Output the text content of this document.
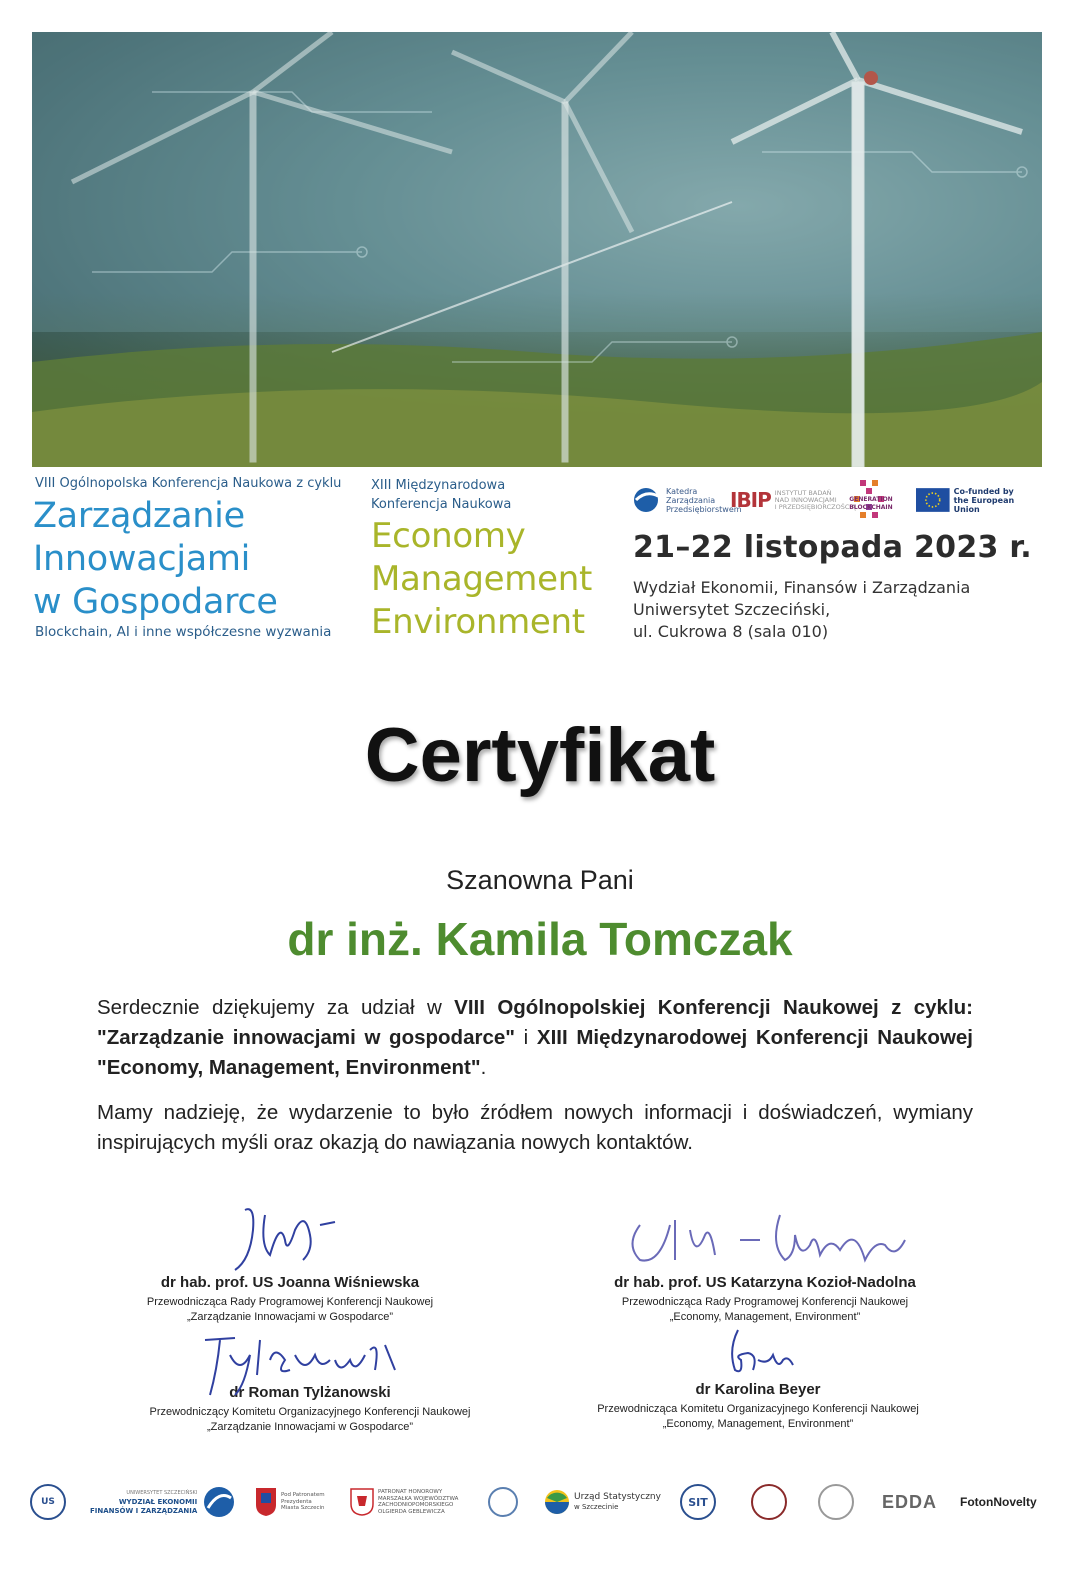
VIII Ogólnopolska Konferencja Naukowa z cyklu
Zarządzanie
Innowacjami
w Gospodarce
Blockchain, AI i inne współczesne wyzwania
XIII Międzynarodowa
Konferencja Naukowa
Economy
Management
Environment
Katedra
Zarządzania
Przedsiębiorstwem
IBIP INSTYTUT BADAŃ
NAD INNOWACJAMI
I PRZEDSIĘBIORCZOŚCIĄ
GENERATION
BLOCKCHAIN
Co-funded by
the European Union
21–22 listopada 2023 r.
Wydział Ekonomii, Finansów i Zarządzania
Uniwersytet Szczeciński,
ul. Cukrowa 8 (sala 010)
Certyfikat
Szanowna Pani
dr inż. Kamila Tomczak
Serdecznie dziękujemy za udział w VIII Ogólnopolskiej Konferencji Naukowej z cyklu: "Zarządzanie innowacjami w gospodarce" i XIII Międzynarodowej Konferencji Naukowej "Economy, Management, Environment".
Mamy nadzieję, że wydarzenie to było źródłem nowych informacji i doświadczeń, wymiany inspirujących myśli oraz okazją do nawiązania nowych kontaktów.
dr hab. prof. US Joanna Wiśniewska
Przewodnicząca Rady Programowej Konferencji Naukowej
„Zarządzanie Innowacjami w Gospodarce”
dr hab. prof. US Katarzyna Kozioł-Nadolna
Przewodnicząca Rady Programowej Konferencji Naukowej
„Economy, Management, Environment”
dr Roman Tylżanowski
Przewodniczący Komitetu Organizacyjnego Konferencji Naukowej
„Zarządzanie Innowacjami w Gospodarce”
dr Karolina Beyer
Przewodnicząca Komitetu Organizacyjnego Konferencji Naukowej
„Economy, Management, Environment”
US
UNIWERSYTET SZCZECIŃSKI
WYDZIAŁ EKONOMII
FINANSÓW I ZARZĄDZANIA
Pod Patronatem
Prezydenta
Miasta Szczecin
PATRONAT HONOROWY
MARSZAŁKA WOJEWÓDZTWA
ZACHODNIOPOMORSKIEGO
OLGIERDA GEBLEWICZA
Urząd Statystyczny
w Szczecinie	SIT	EDDA FotonNovelty
